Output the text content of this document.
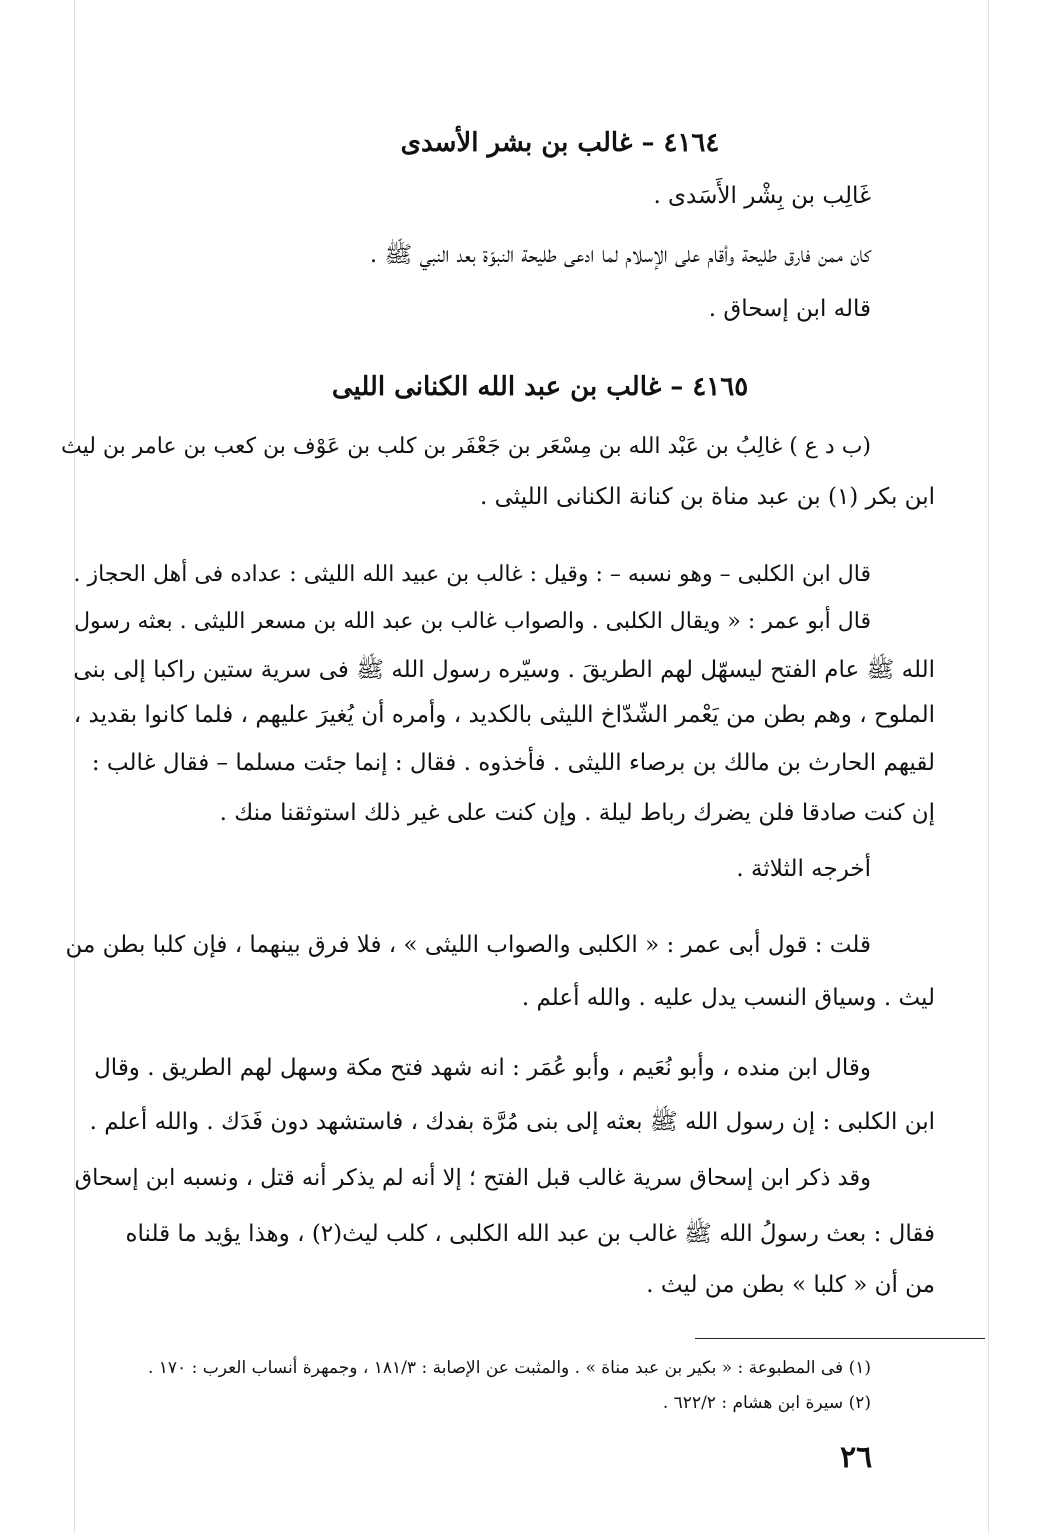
٤١٦٤ – غالب بن بشر الأسدى
غَالِب بن بِشْر الأَسَدى .
كان ممن فارق طليحة وأقام على الإسلام لما ادعى طليحة النبوّة بعد النبي ﷺ .
قاله ابن إسحاق .
٤١٦٥ – غالب بن عبد الله الكنانى الليى
(ب د ع ) غالِبُ بن عَبْد الله بن مِسْعَر بن جَعْفَر بن كلب بن عَوْف بن كعب بن عامر بن ليث
ابن بكر (١) بن عبد مناة بن كنانة الكنانى الليثى .
قال ابن الكلبى – وهو نسبه – : وقيل : غالب بن عبيد الله الليثى : عداده فى أهل الحجاز .
قال أبو عمر : « ويقال الكلبى . والصواب غالب بن عبد الله بن مسعر الليثى . بعثه رسول
الله ﷺ عام الفتح ليسهّل لهم الطريقَ . وسيّره رسول الله ﷺ فى سرية ستين راكبا إلى بنى
الملوح ، وهم بطن من يَعْمر الشّدّاخ الليثى بالكديد ، وأمره أن يُغيرَ عليهم ، فلما كانوا بقديد ،
لقيهم الحارث بن مالك بن برصاء الليثى . فأخذوه . فقال : إنما جئت مسلما – فقال غالب :
إن كنت صادقا فلن يضرك رباط ليلة . وإن كنت على غير ذلك استوثقنا منك .
أخرجه الثلاثة .
قلت : قول أبى عمر : « الكلبى والصواب الليثى » ، فلا فرق بينهما ، فإن كلبا بطن من
ليث . وسياق النسب يدل عليه . والله أعلم .
وقال ابن منده ، وأبو نُعَيم ، وأبو عُمَر : انه شهد فتح مكة وسهل لهم الطريق . وقال
ابن الكلبى : إن رسول الله ﷺ بعثه إلى بنى مُرَّة بفدك ، فاستشهد دون فَدَك . والله أعلم .
وقد ذكر ابن إسحاق سرية غالب قبل الفتح ؛ إلا أنه لم يذكر أنه قتل ، ونسبه ابن إسحاق
فقال : بعث رسولُ الله ﷺ غالب بن عبد الله الكلبى ، كلب ليث(٢) ، وهذا يؤيد ما قلناه
من أن « كلبا » بطن من ليث .
(١) فى المطبوعة : « بكير بن عبد مناة » . والمثبت عن الإصابة : ١٨١/٣ ، وجمهرة أنساب العرب : ١٧٠ .
(٢) سيرة ابن هشام : ٦٢٢/٢ .
٢٦
